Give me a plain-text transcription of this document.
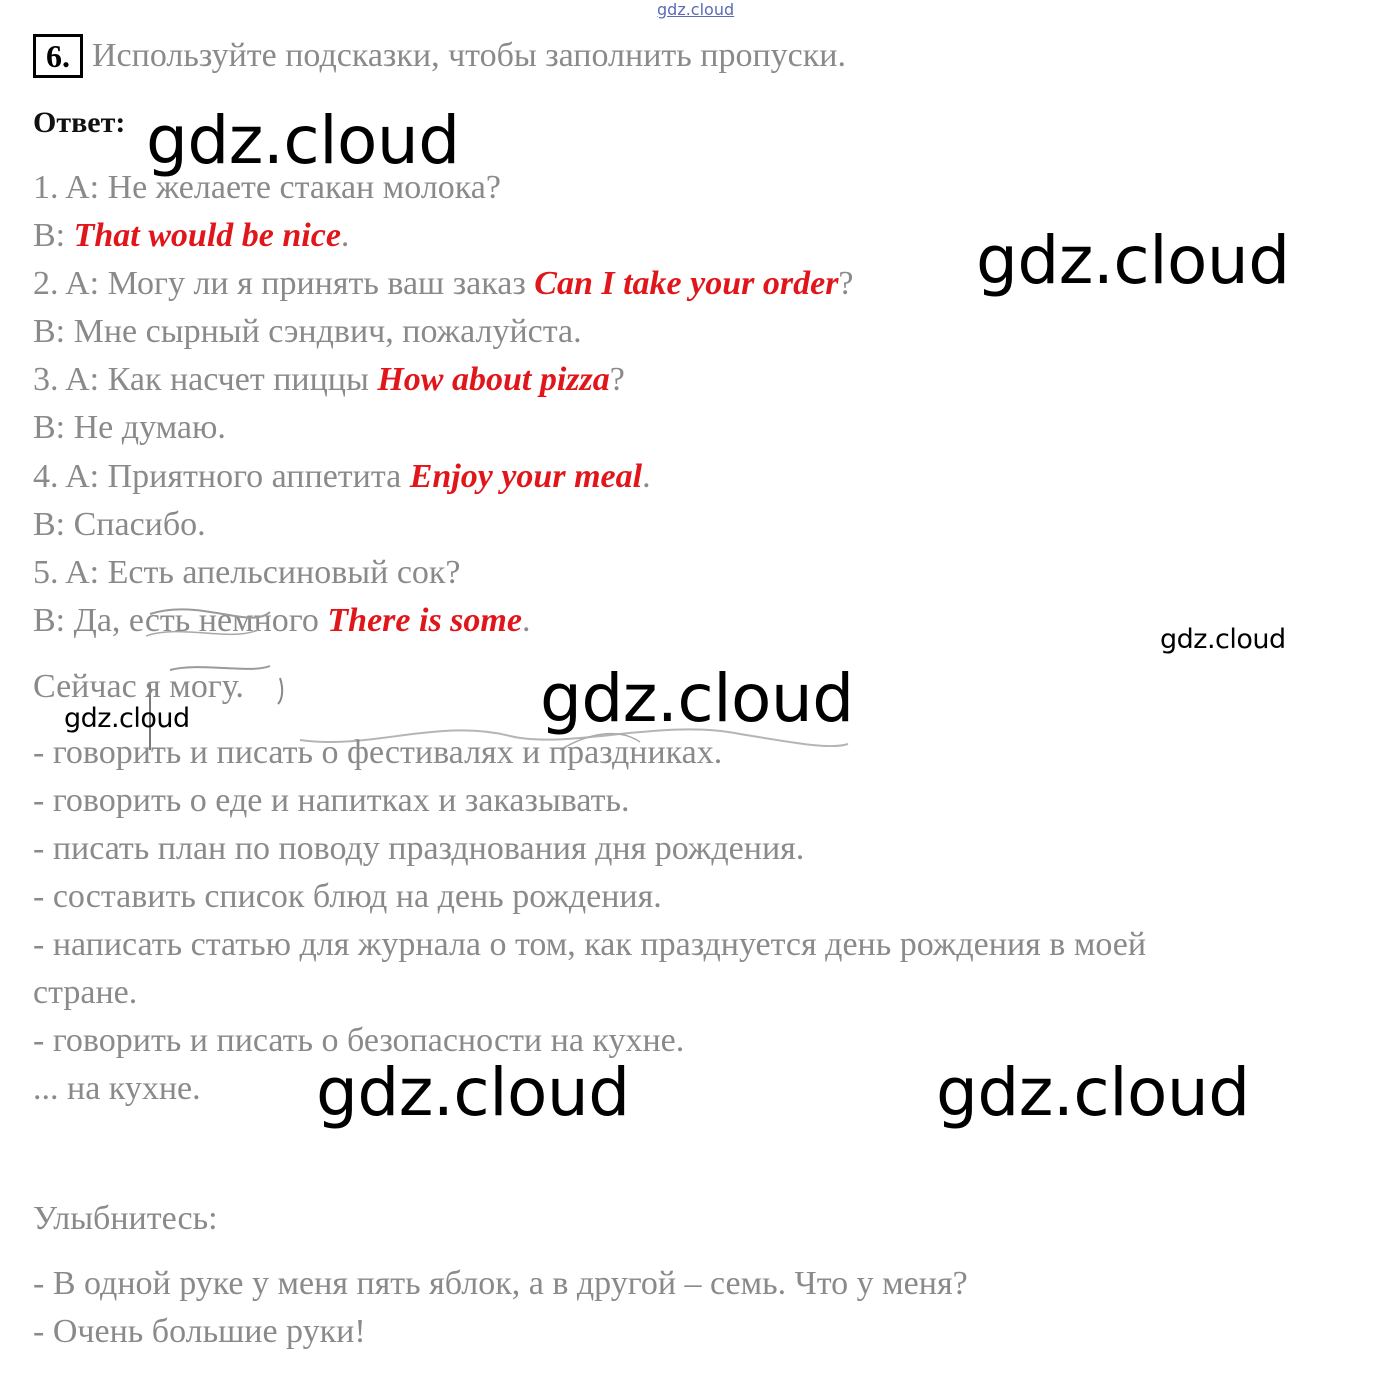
gdz.cloud
6. Используйте подсказки, чтобы заполнить пропуски.
Ответ:
1. A: Не желаете стакан молока?
B: That would be nice.
2. A: Могу ли я принять ваш заказ Can I take your order?
B: Мне сырный сэндвич, пожалуйста.
3. A: Как насчет пиццы How about pizza?
B: Не думаю.
4. A: Приятного аппетита Enjoy your meal.
B: Спасибо.
5. A: Есть апельсиновый сок?
B: Да, есть немного There is some.
Сейчас я могу.
- говорить и писать о фестивалях и праздниках.
- говорить о еде и напитках и заказывать.
- писать план по поводу празднования дня рождения.
- составить список блюд на день рождения.
- написать статью для журнала о том, как празднуется день рождения в моей
стране.
- говорить и писать о безопасности на кухне.
... на кухне.
Улыбнитесь:
- В одной руке у меня пять яблок, а в другой – семь. Что у меня?
- Очень большие руки!
gdz.cloud
gdz.cloud
gdz.cloud
gdz.cloud
gdz.cloud
gdz.cloud	gdz.cloud
